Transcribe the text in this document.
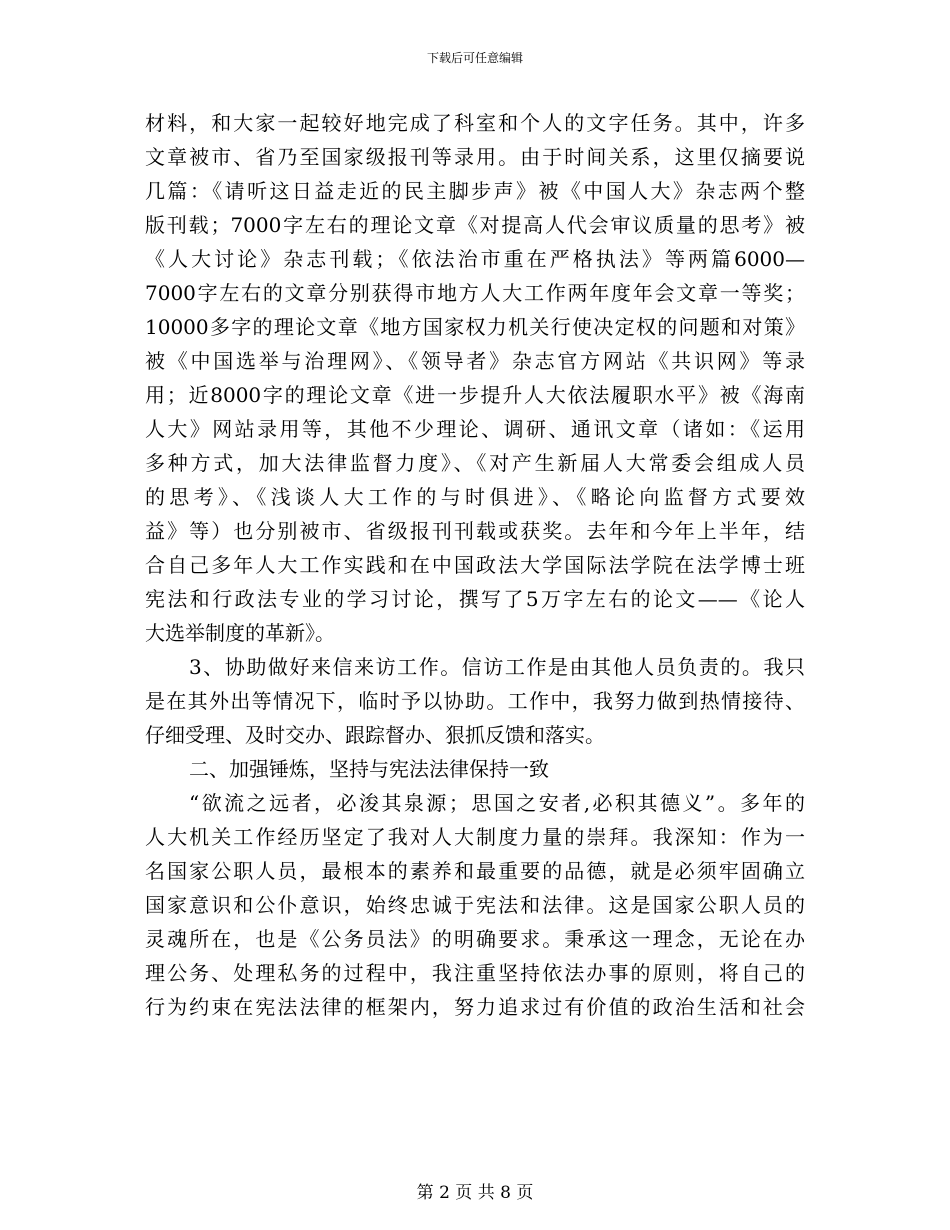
下载后可任意编辑
材料，和大家一起较好地完成了科室和个人的文字任务。其中，许多
文章被市、省乃至国家级报刊等录用。由于时间关系，这里仅摘要说
几篇：《请听这日益走近的民主脚步声》被《中国人大》杂志两个整
版刊载；7000字左右的理论文章《对提高人代会审议质量的思考》被
《人大讨论》杂志刊载；《依法治市重在严格执法》等两篇6000—
7000字左右的文章分别获得市地方人大工作两年度年会文章一等奖；
10000多字的理论文章《地方国家权力机关行使决定权的问题和对策》
被《中国选举与治理网》、《领导者》杂志官方网站《共识网》等录
用；近8000字的理论文章《进一步提升人大依法履职水平》被《海南
人大》网站录用等，其他不少理论、调研、通讯文章（诸如：《运用
多种方式，加大法律监督力度》、《对产生新届人大常委会组成人员
的思考》、《浅谈人大工作的与时俱进》、《略论向监督方式要效
益》等）也分别被市、省级报刊刊载或获奖。去年和今年上半年，结
合自己多年人大工作实践和在中国政法大学国际法学院在法学博士班
宪法和行政法专业的学习讨论，撰写了5万字左右的论文——《论人
大选举制度的革新》。
3、协助做好来信来访工作。信访工作是由其他人员负责的。我只
是在其外出等情况下，临时予以协助。工作中，我努力做到热情接待、
仔细受理、及时交办、跟踪督办、狠抓反馈和落实。
二、加强锤炼，坚持与宪法法律保持一致
“欲流之远者，必浚其泉源；思国之安者,必积其德义”。多年的
人大机关工作经历坚定了我对人大制度力量的崇拜。我深知：作为一
名国家公职人员，最根本的素养和最重要的品德，就是必须牢固确立
国家意识和公仆意识，始终忠诚于宪法和法律。这是国家公职人员的
灵魂所在，也是《公务员法》的明确要求。秉承这一理念，无论在办
理公务、处理私务的过程中，我注重坚持依法办事的原则，将自己的
行为约束在宪法法律的框架内，努力追求过有价值的政治生活和社会
第 2 页 共 8 页
